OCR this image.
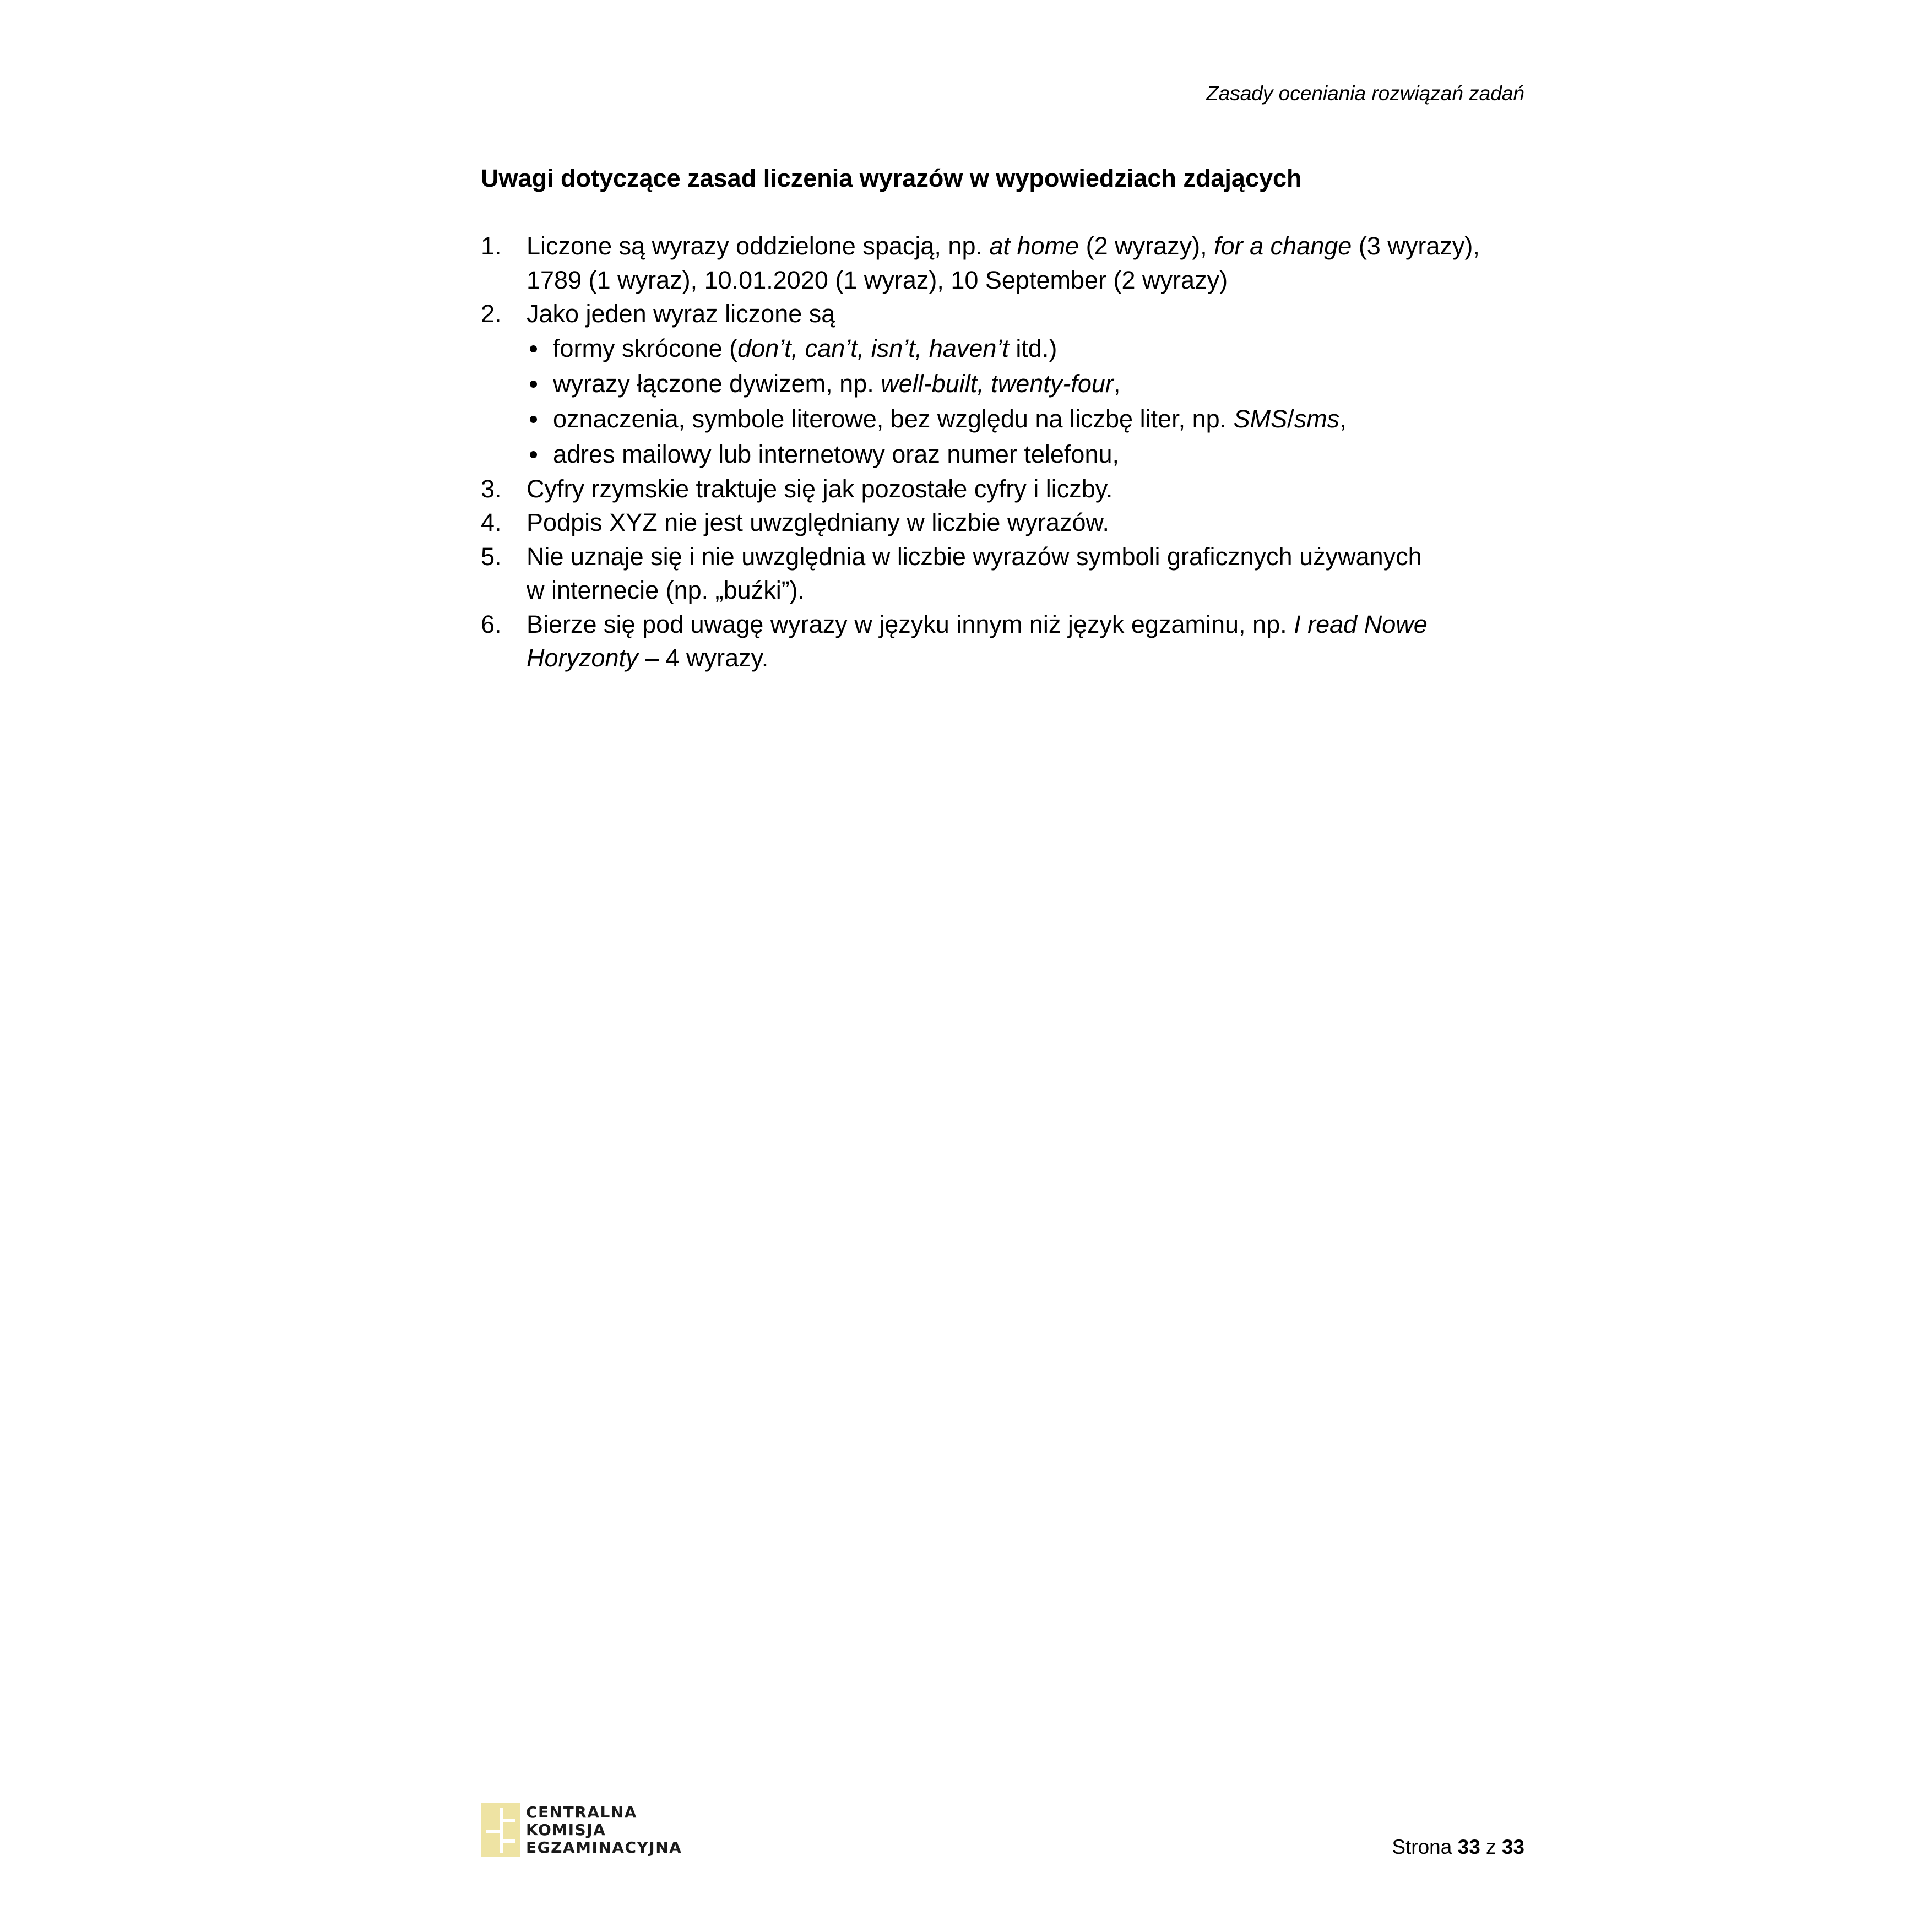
Zasady oceniania rozwiązań zadań
Uwagi dotyczące zasad liczenia wyrazów w wypowiedziach zdających
1. Liczone są wyrazy oddzielone spacją, np. at home (2 wyrazy), for a change (3 wyrazy),
1789 (1 wyraz), 10.01.2020 (1 wyraz), 10 September (2 wyrazy)
2. Jako jeden wyraz liczone są
formy skrócone (don’t, can’t, isn’t, haven’t itd.)
wyrazy łączone dywizem, np. well-built, twenty-four,
oznaczenia, symbole literowe, bez względu na liczbę liter, np. SMS/sms,
adres mailowy lub internetowy oraz numer telefonu,
3. Cyfry rzymskie traktuje się jak pozostałe cyfry i liczby.
4. Podpis XYZ nie jest uwzględniany w liczbie wyrazów.
5. Nie uznaje się i nie uwzględnia w liczbie wyrazów symboli graficznych używanych
w internecie (np. „buźki”).
6. Bierze się pod uwagę wyrazy w języku innym niż język egzaminu, np. I read Nowe
Horyzonty – 4 wyrazy.
CENTRALNA
KOMISJA
EGZAMINACYJNA	Strona 33 z 33
